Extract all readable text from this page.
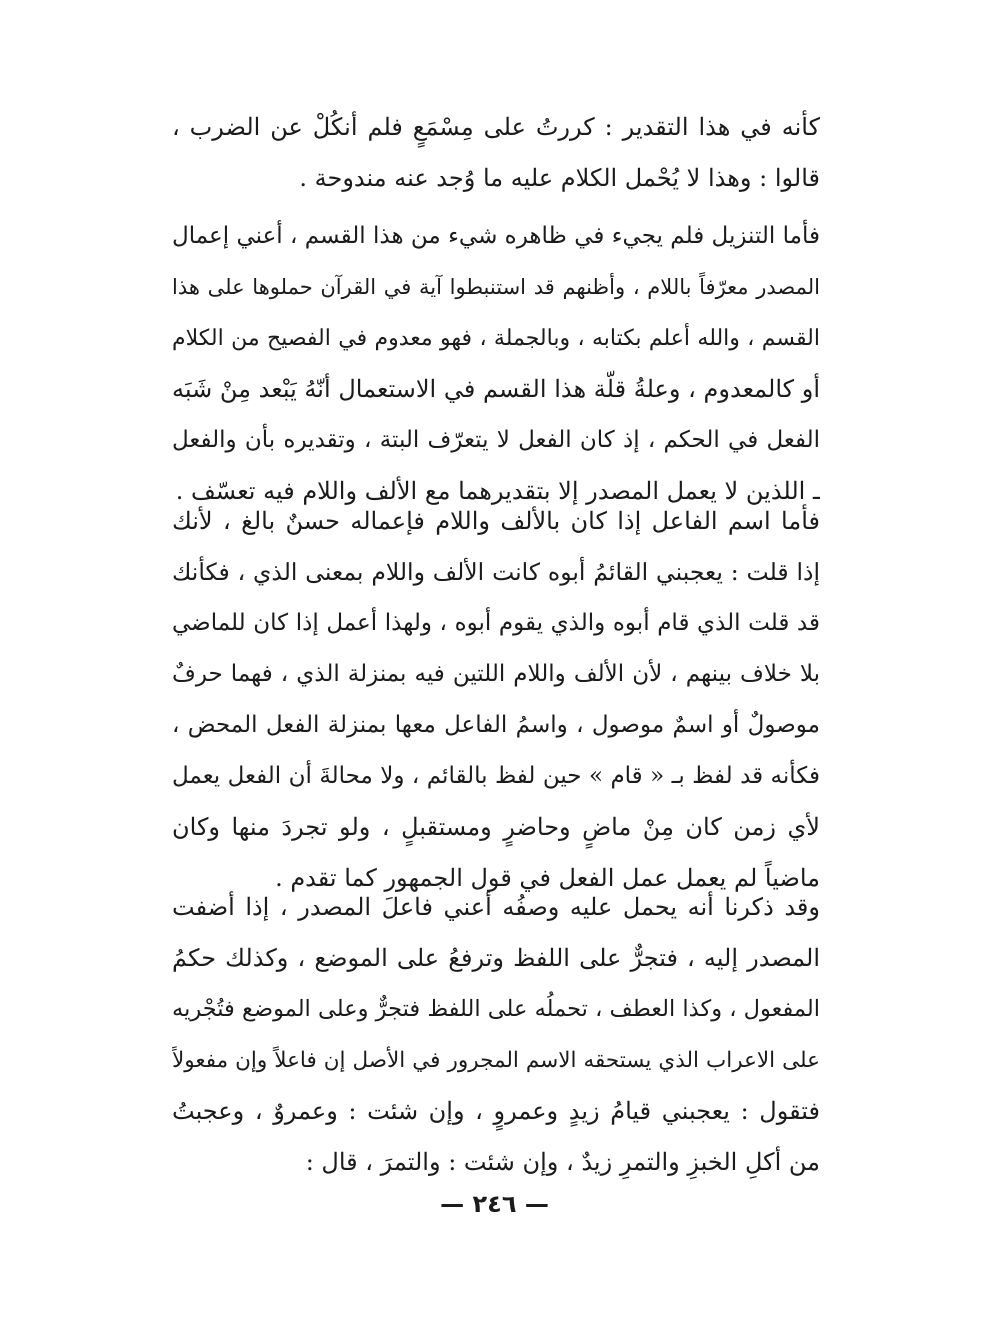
كأنه في هذا التقدير : كررتُ على مِسْمَعٍ فلم أنكُلْ عن الضرب ،
قالوا : وهذا لا يُحْمل الكلام عليه ما وُجد عنه مندوحة .
فأما التنزيل فلم يجيء في ظاهره شيء من هذا القسم ، أعني إعمال
المصدر معرّفاً باللام ، وأظنهم قد استنبطوا آية في القرآن حملوها على هذا
القسم ، والله أعلم بكتابه ، وبالجملة ، فهو معدوم في الفصيح من الكلام
أو كالمعدوم ، وعلةُ قلّة هذا القسم في الاستعمال أنّهُ يَبْعد مِنْ شَبَه
الفعل في الحكم ، إذ كان الفعل لا يتعرّف البتة ، وتقديره بأن والفعل
ـ اللذين لا يعمل المصدر إلا بتقديرهما مع الألف واللام فيه تعسّف .
فأما اسم الفاعل إذا كان بالألف واللام فإعماله حسنٌ بالغ ، لأنك
إذا قلت : يعجبني القائمُ أبوه كانت الألف واللام بمعنى الذي ، فكأنك
قد قلت الذي قام أبوه والذي يقوم أبوه ، ولهذا أعمل إذا كان للماضي
بلا خلاف بينهم ، لأن الألف واللام اللتين فيه بمنزلة الذي ، فهما حرفٌ
موصولٌ أو اسمٌ موصول ، واسمُ الفاعل معها بمنزلة الفعل المحض ،
فكأنه قد لفظ بـ « قام » حين لفظ بالقائم ، ولا محالةَ أن الفعل يعمل
لأي زمن كان مِنْ ماضٍ وحاضرٍ ومستقبلٍ ، ولو تجردَ منها وكان
ماضياً لم يعمل عمل الفعل في قول الجمهور كما تقدم .
وقد ذكرنا أنه يحمل عليه وصفُه أعني فاعلَ المصدر ، إذا أضفت
المصدر إليه ، فتجرٌّ على اللفظ وترفعُ على الموضع ، وكذلك حكمُ
المفعول ، وكذا العطف ، تحملُه على اللفظ فتجرٌّ وعلى الموضع فتُجْريه
على الاعراب الذي يستحقه الاسم المجرور في الأصل إن فاعلاً وإن مفعولاً
فتقول : يعجبني قيامُ زيدٍ وعمروٍ ، وإن شئت : وعمروٌ ، وعجبتُ
من أكلِ الخبزِ والتمرِ زيدٌ ، وإن شئت : والتمرَ ، قال :
— ٢٤٦ —
